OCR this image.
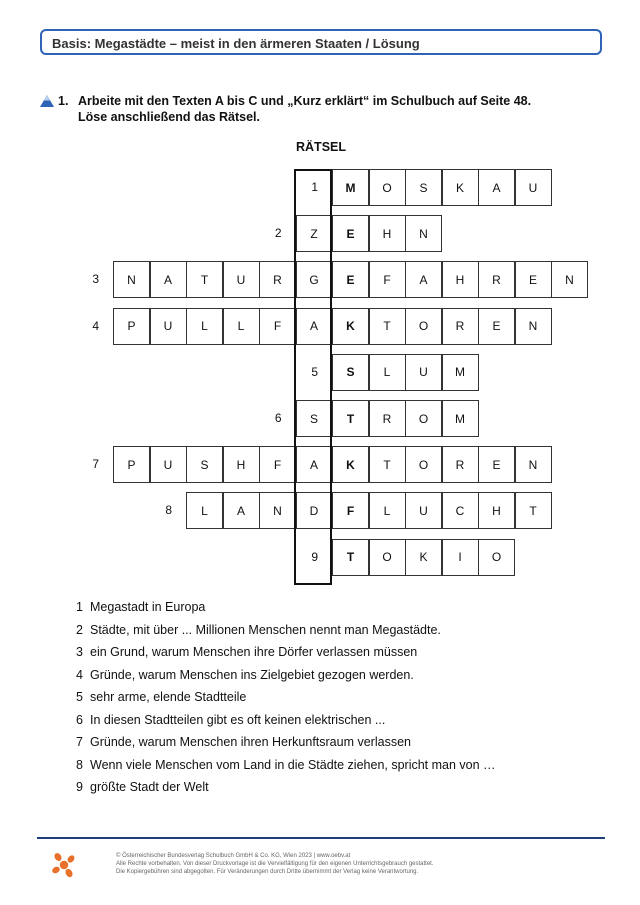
Basis: Megastädte – meist in den ärmeren Staaten / Lösung
1. Arbeite mit den Texten A bis C und „Kurz erklärt“ im Schulbuch auf Seite 48.
Löse anschließend das Rätsel.
RÄTSEL
1	M	O	S	K	A	U
2	Z	E	H	N
3	N	A	T	U	R	G	E	F	A	H	R	E	N
4	P	U	L	L	F	A	K	T	O	R	E	N
5	S	L	U	M
6	S	T	R	O	M
7	P	U	S	H	F	A	K	T	O	R	E	N
8	L	A	N	D	F	L	U	C	H	T
9	T	O	K	I	O
1 Megastadt in Europa
2 Städte, mit über ... Millionen Menschen nennt man Megastädte.
3 ein Grund, warum Menschen ihre Dörfer verlassen müssen
4 Gründe, warum Menschen ins Zielgebiet gezogen werden.
5 sehr arme, elende Stadtteile
6 In diesen Stadtteilen gibt es oft keinen elektrischen ...
7 Gründe, warum Menschen ihren Herkunftsraum verlassen
8 Wenn viele Menschen vom Land in die Städte ziehen, spricht man von …
9 größte Stadt der Welt
© Österreichischer Bundesverlag Schulbuch GmbH & Co. KG, Wien 2023 | www.oebv.at
Alle Rechte vorbehalten. Von dieser Druckvorlage ist die Vervielfältigung für den eigenen Unterrichtsgebrauch gestattet.
Die Kopiergebühren sind abgegolten. Für Veränderungen durch Dritte übernimmt der Verlag keine Verantwortung.
